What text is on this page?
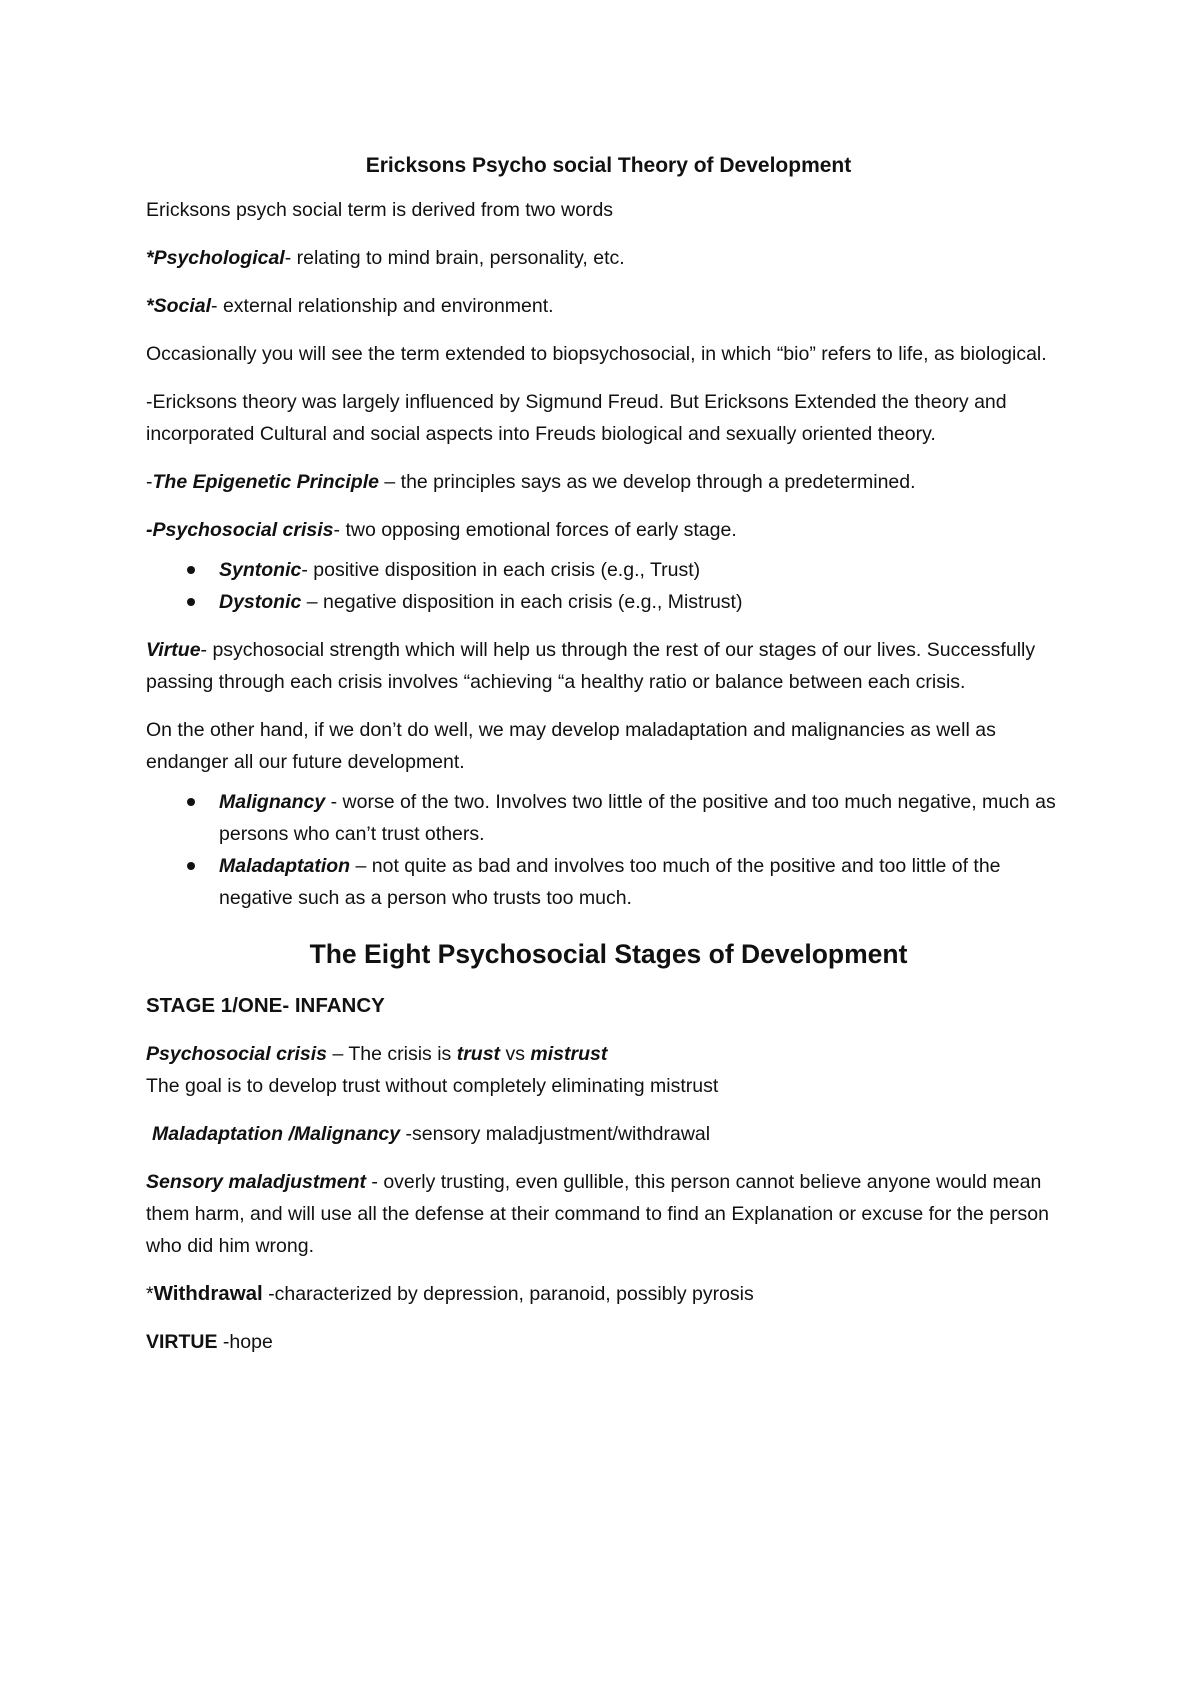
Ericksons Psycho social Theory of Development

Ericksons psych social term is derived from two words

*Psychological- relating to mind brain, personality, etc.

*Social- external relationship and environment.

Occasionally you will see the term extended to biopsychosocial, in which “bio” refers to life, as biological.

-Ericksons theory was largely influenced by Sigmund Freud. But Ericksons Extended the theory and incorporated Cultural and social aspects into Freuds biological and sexually oriented theory.

-The Epigenetic Principle – the principles says as we develop through a predetermined.

-Psychosocial crisis- two opposing emotional forces of early stage.

Syntonic- positive disposition in each crisis (e.g., Trust)
Dystonic – negative disposition in each crisis (e.g., Mistrust)

Virtue- psychosocial strength which will help us through the rest of our stages of our lives. Successfully passing through each crisis involves “achieving “a healthy ratio or balance between each crisis.

On the other hand, if we don’t do well, we may develop maladaptation and malignancies as well as endanger all our future development.

Malignancy - worse of the two. Involves two little of the positive and too much negative, much as persons who can’t trust others.
Maladaptation – not quite as bad and involves too much of the positive and too little of the negative such as a person who trusts too much.
The Eight Psychosocial Stages of Development
STAGE 1/ONE- INFANCY

Psychosocial crisis – The crisis is trust vs mistrust

The goal is to develop trust without completely eliminating mistrust

Maladaptation /Malignancy -sensory maladjustment/withdrawal

Sensory maladjustment - overly trusting, even gullible, this person cannot believe anyone would mean them harm, and will use all the defense at their command to find an Explanation or excuse for the person who did him wrong.

*Withdrawal -characterized by depression, paranoid, possibly pyrosis

VIRTUE -hope
